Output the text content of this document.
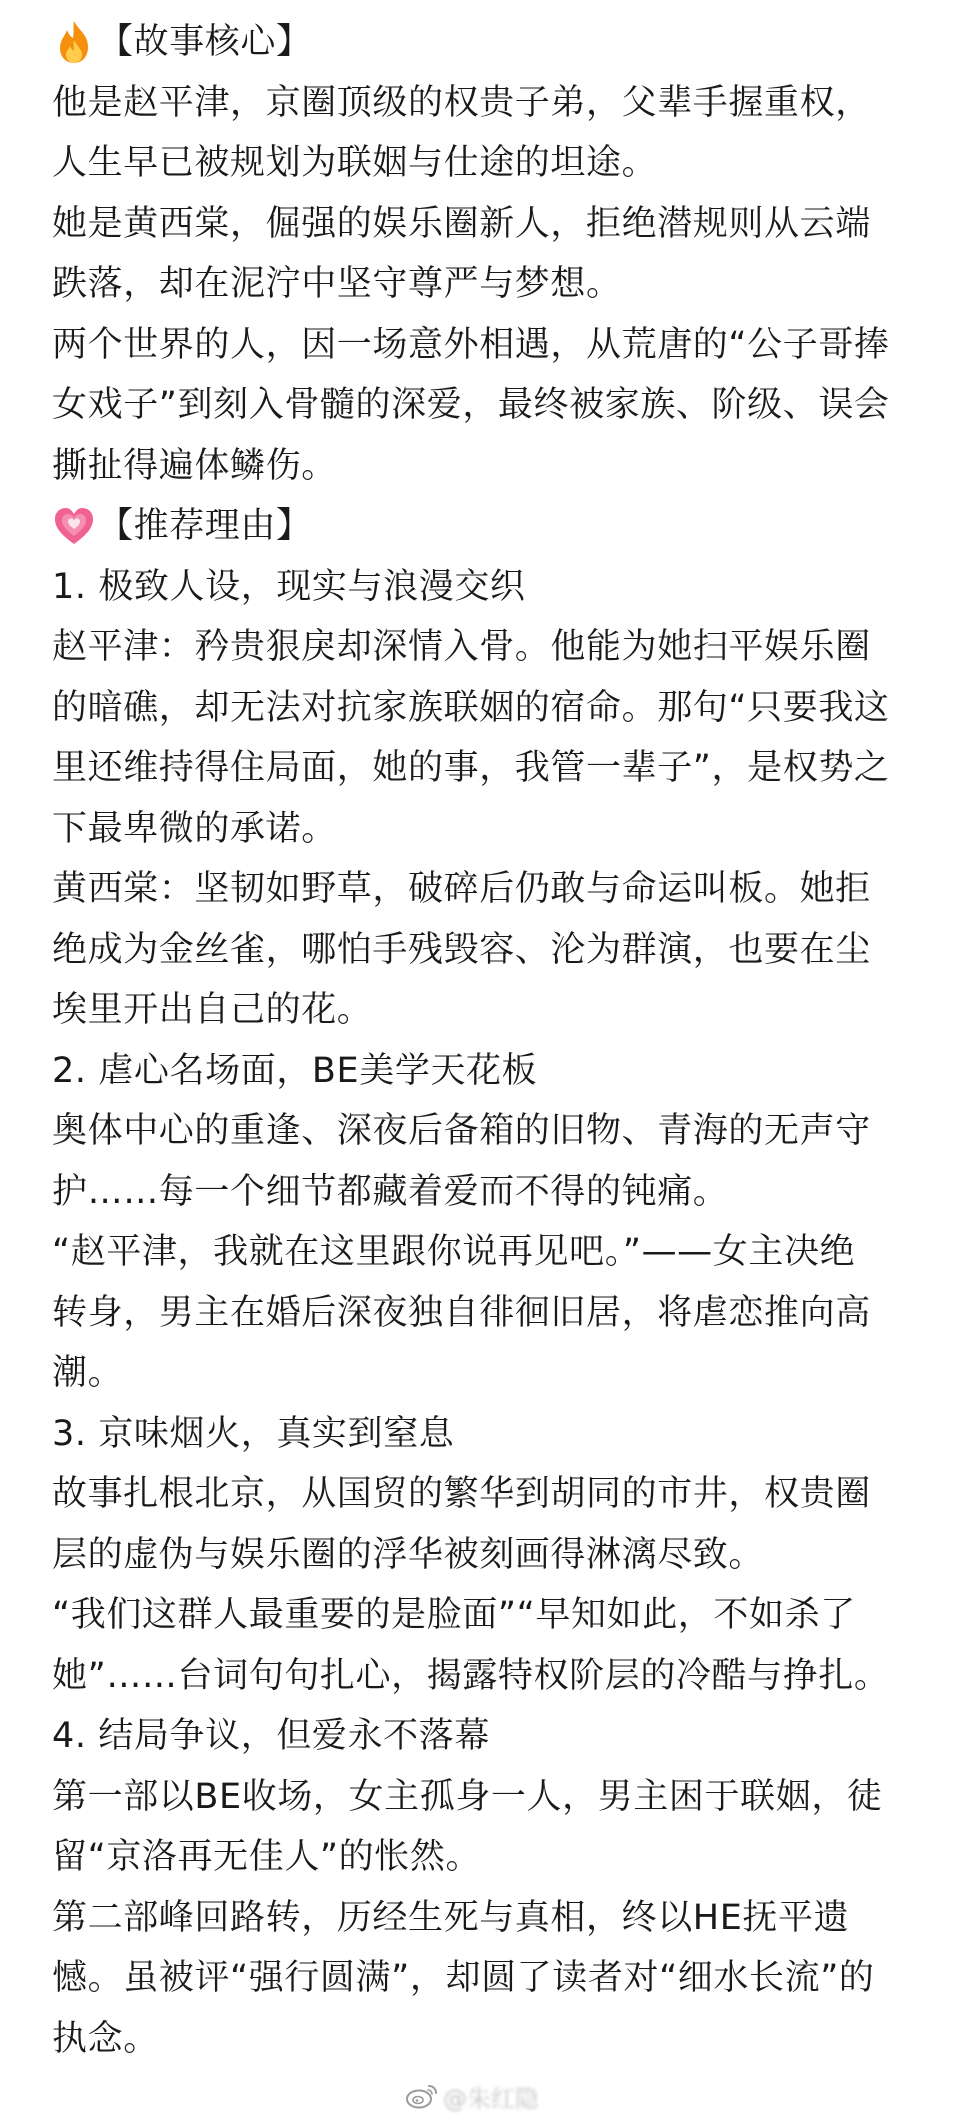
【故事核心】
他是赵平津，京圈顶级的权贵子弟，父辈手握重权，
人生早已被规划为联姻与仕途的坦途。
她是黄西棠，倔强的娱乐圈新人，拒绝潜规则从云端
跌落，却在泥泞中坚守尊严与梦想。
两个世界的人，因一场意外相遇，从荒唐的“公子哥捧
女戏子”到刻入骨髓的深爱，最终被家族、阶级、误会
撕扯得遍体鳞伤。
【推荐理由】
1. 极致人设，现实与浪漫交织
赵平津：矜贵狠戾却深情入骨。他能为她扫平娱乐圈
的暗礁，却无法对抗家族联姻的宿命。那句“只要我这
里还维持得住局面，她的事，我管一辈子”，是权势之
下最卑微的承诺。
黄西棠：坚韧如野草，破碎后仍敢与命运叫板。她拒
绝成为金丝雀，哪怕手残毁容、沦为群演，也要在尘
埃里开出自己的花。
2. 虐心名场面，BE美学天花板
奥体中心的重逢、深夜后备箱的旧物、青海的无声守
护……每一个细节都藏着爱而不得的钝痛。
“赵平津，我就在这里跟你说再见吧。”——女主决绝
转身，男主在婚后深夜独自徘徊旧居，将虐恋推向高
潮。
3. 京味烟火，真实到窒息
故事扎根北京，从国贸的繁华到胡同的市井，权贵圈
层的虚伪与娱乐圈的浮华被刻画得淋漓尽致。
“我们这群人最重要的是脸面”“早知如此，不如杀了
她”……台词句句扎心，揭露特权阶层的冷酷与挣扎。
4. 结局争议，但爱永不落幕
第一部以BE收场，女主孤身一人，男主困于联姻，徒
留“京洛再无佳人”的怅然。
第二部峰回路转，历经生死与真相，终以HE抚平遗
憾。虽被评“强行圆满”，却圆了读者对“细水长流”的
执念。
@朱红隐
